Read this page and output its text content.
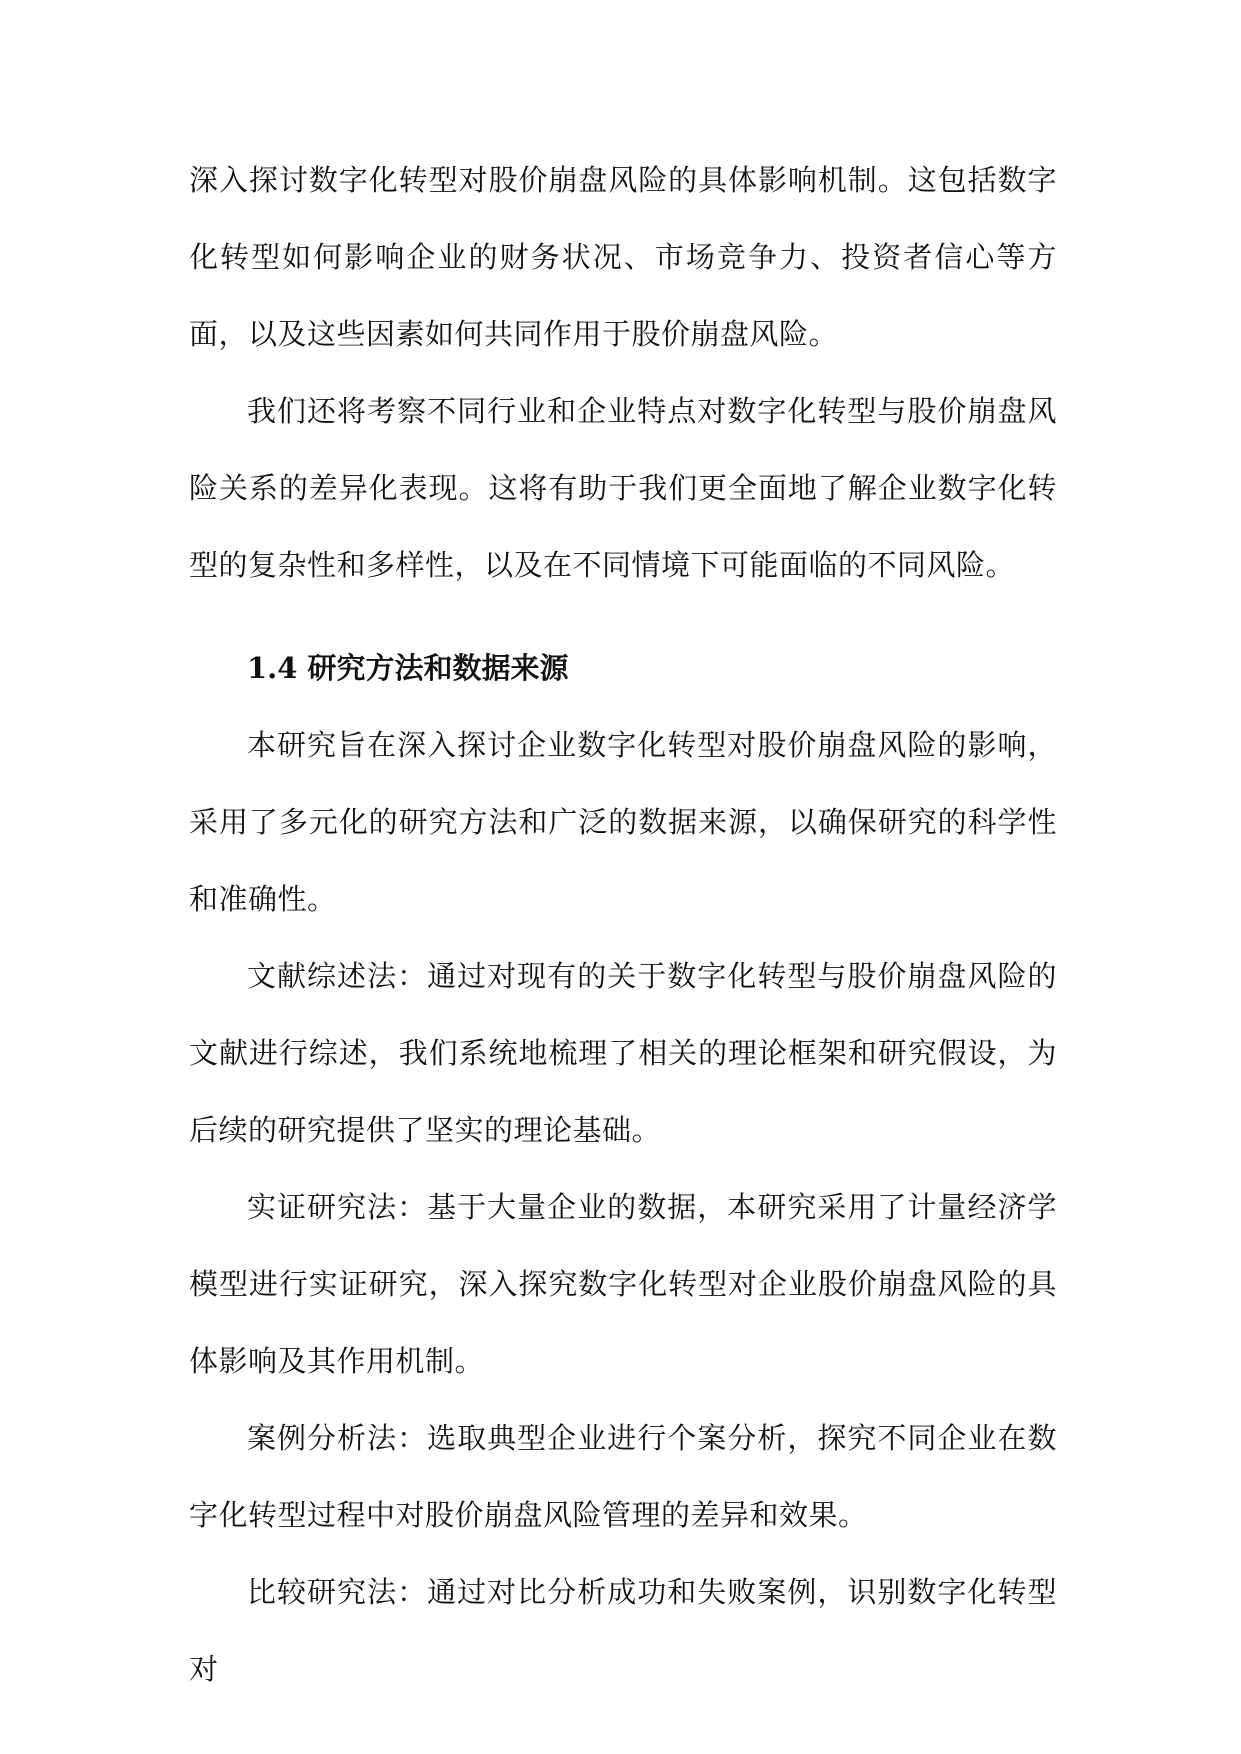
深入探讨数字化转型对股价崩盘风险的具体影响机制。这包括数字化转型如何影响企业的财务状况、市场竞争力、投资者信心等方面，以及这些因素如何共同作用于股价崩盘风险。

我们还将考察不同行业和企业特点对数字化转型与股价崩盘风险关系的差异化表现。这将有助于我们更全面地了解企业数字化转型的复杂性和多样性，以及在不同情境下可能面临的不同风险。

1.4 研究方法和数据来源

本研究旨在深入探讨企业数字化转型对股价崩盘风险的影响，采用了多元化的研究方法和广泛的数据来源，以确保研究的科学性和准确性。

文献综述法：通过对现有的关于数字化转型与股价崩盘风险的文献进行综述，我们系统地梳理了相关的理论框架和研究假设，为后续的研究提供了坚实的理论基础。

实证研究法：基于大量企业的数据，本研究采用了计量经济学模型进行实证研究，深入探究数字化转型对企业股价崩盘风险的具体影响及其作用机制。

案例分析法：选取典型企业进行个案分析，探究不同企业在数字化转型过程中对股价崩盘风险管理的差异和效果。

比较研究法：通过对比分析成功和失败案例，识别数字化转型对
